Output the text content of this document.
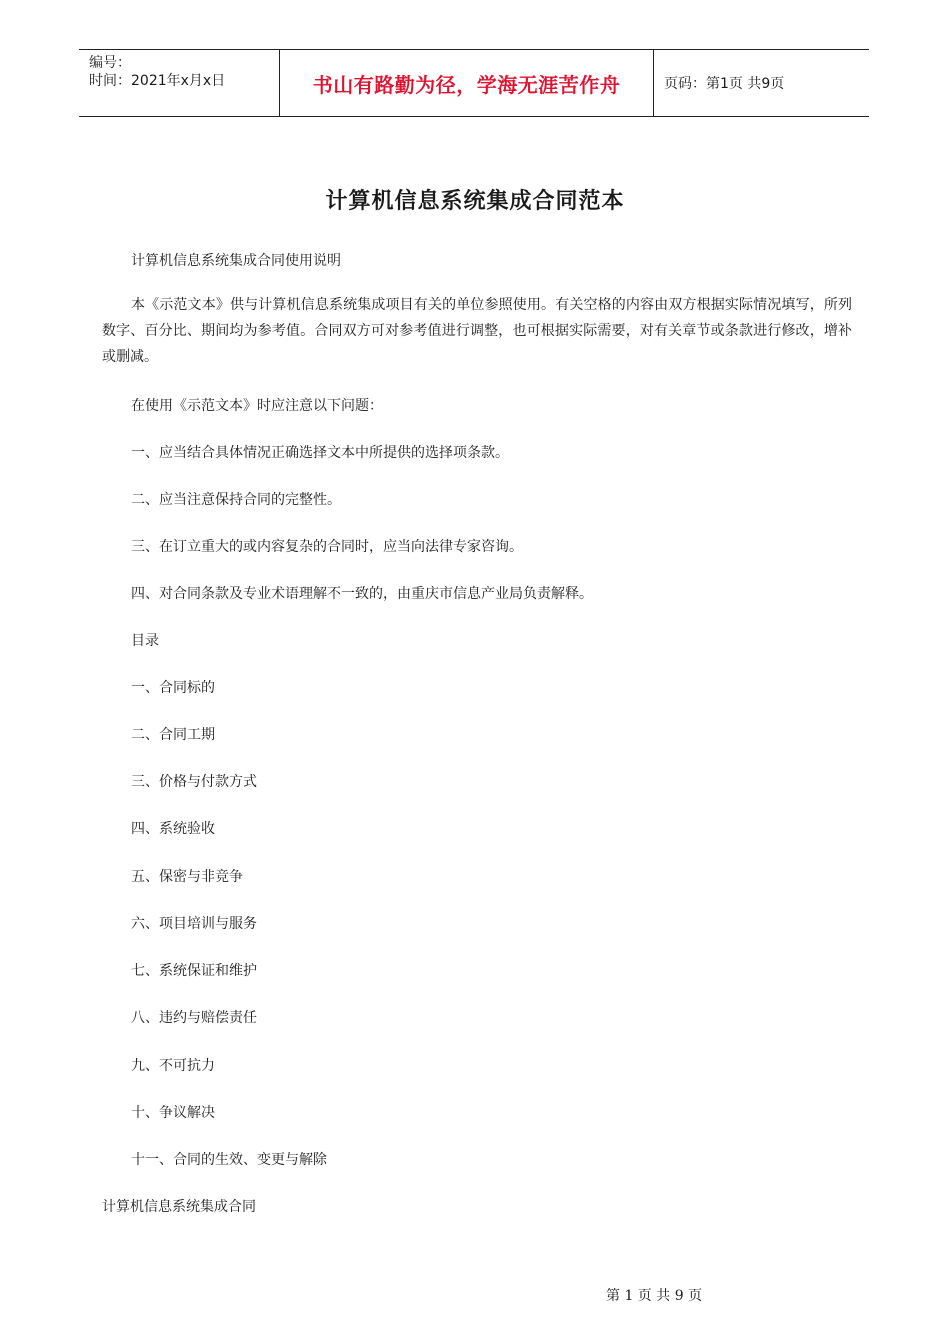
编号：
时间：2021年x月x日	书山有路勤为径，学海无涯苦作舟	页码：第1页 共9页
计算机信息系统集成合同范本
计算机信息系统集成合同使用说明
本《示范文本》供与计算机信息系统集成项目有关的单位参照使用。有关空格的内容由双方根据实际情况填写，所列数字、百分比、期间均为参考值。合同双方可对参考值进行调整，也可根据实际需要，对有关章节或条款进行修改，增补或删减。
在使用《示范文本》时应注意以下问题：
一、应当结合具体情况正确选择文本中所提供的选择项条款。
二、应当注意保持合同的完整性。
三、在订立重大的或内容复杂的合同时，应当向法律专家咨询。
四、对合同条款及专业术语理解不一致的，由重庆市信息产业局负责解释。
目录
一、合同标的
二、合同工期
三、价格与付款方式
四、系统验收
五、保密与非竞争
六、项目培训与服务
七、系统保证和维护
八、违约与赔偿责任
九、不可抗力
十、争议解决
十一、合同的生效、变更与解除
计算机信息系统集成合同
第 1 页 共 9 页
